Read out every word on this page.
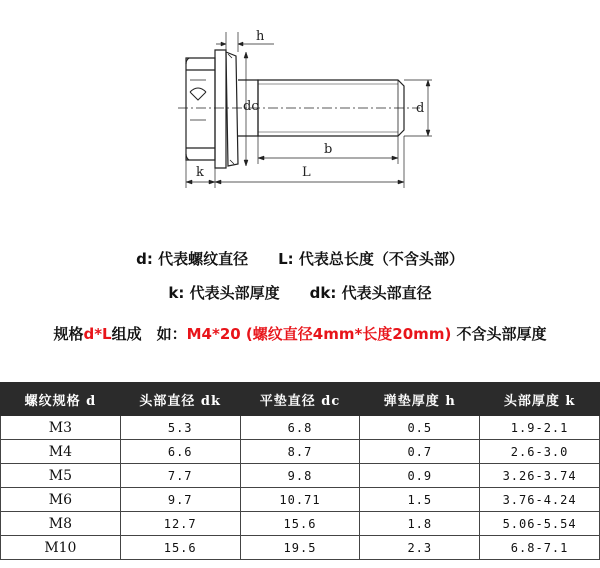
h
dc	d
b
k	L
d: 代表螺纹直径　　 L: 代表总长度（不含头部）
k: 代表头部厚度　　 dk: 代表头部直径
规格d*L组成　如：M4*20 (螺纹直径4mm*长度20mm) 不含头部厚度
螺纹规格 d	头部直径 dk	平垫直径 dc	弹垫厚度 h	头部厚度 k
M3	5.3	6.8	0.5	1.9-2.1
M4	6.6	8.7	0.7	2.6-3.0
M5	7.7	9.8	0.9	3.26-3.74
M6	9.7	10.71	1.5	3.76-4.24
M8	12.7	15.6	1.8	5.06-5.54
M10	15.6	19.5	2.3	6.8-7.1
